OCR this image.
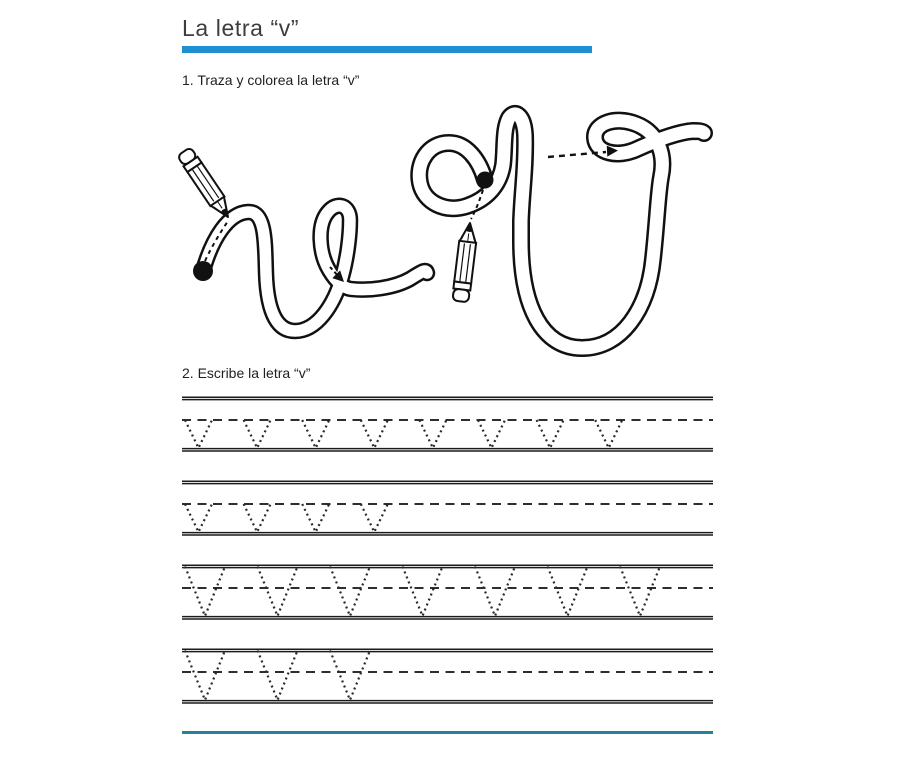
La letra “v”

1. Traza y colorea la letra “v”

2. Escribe la letra “v”
